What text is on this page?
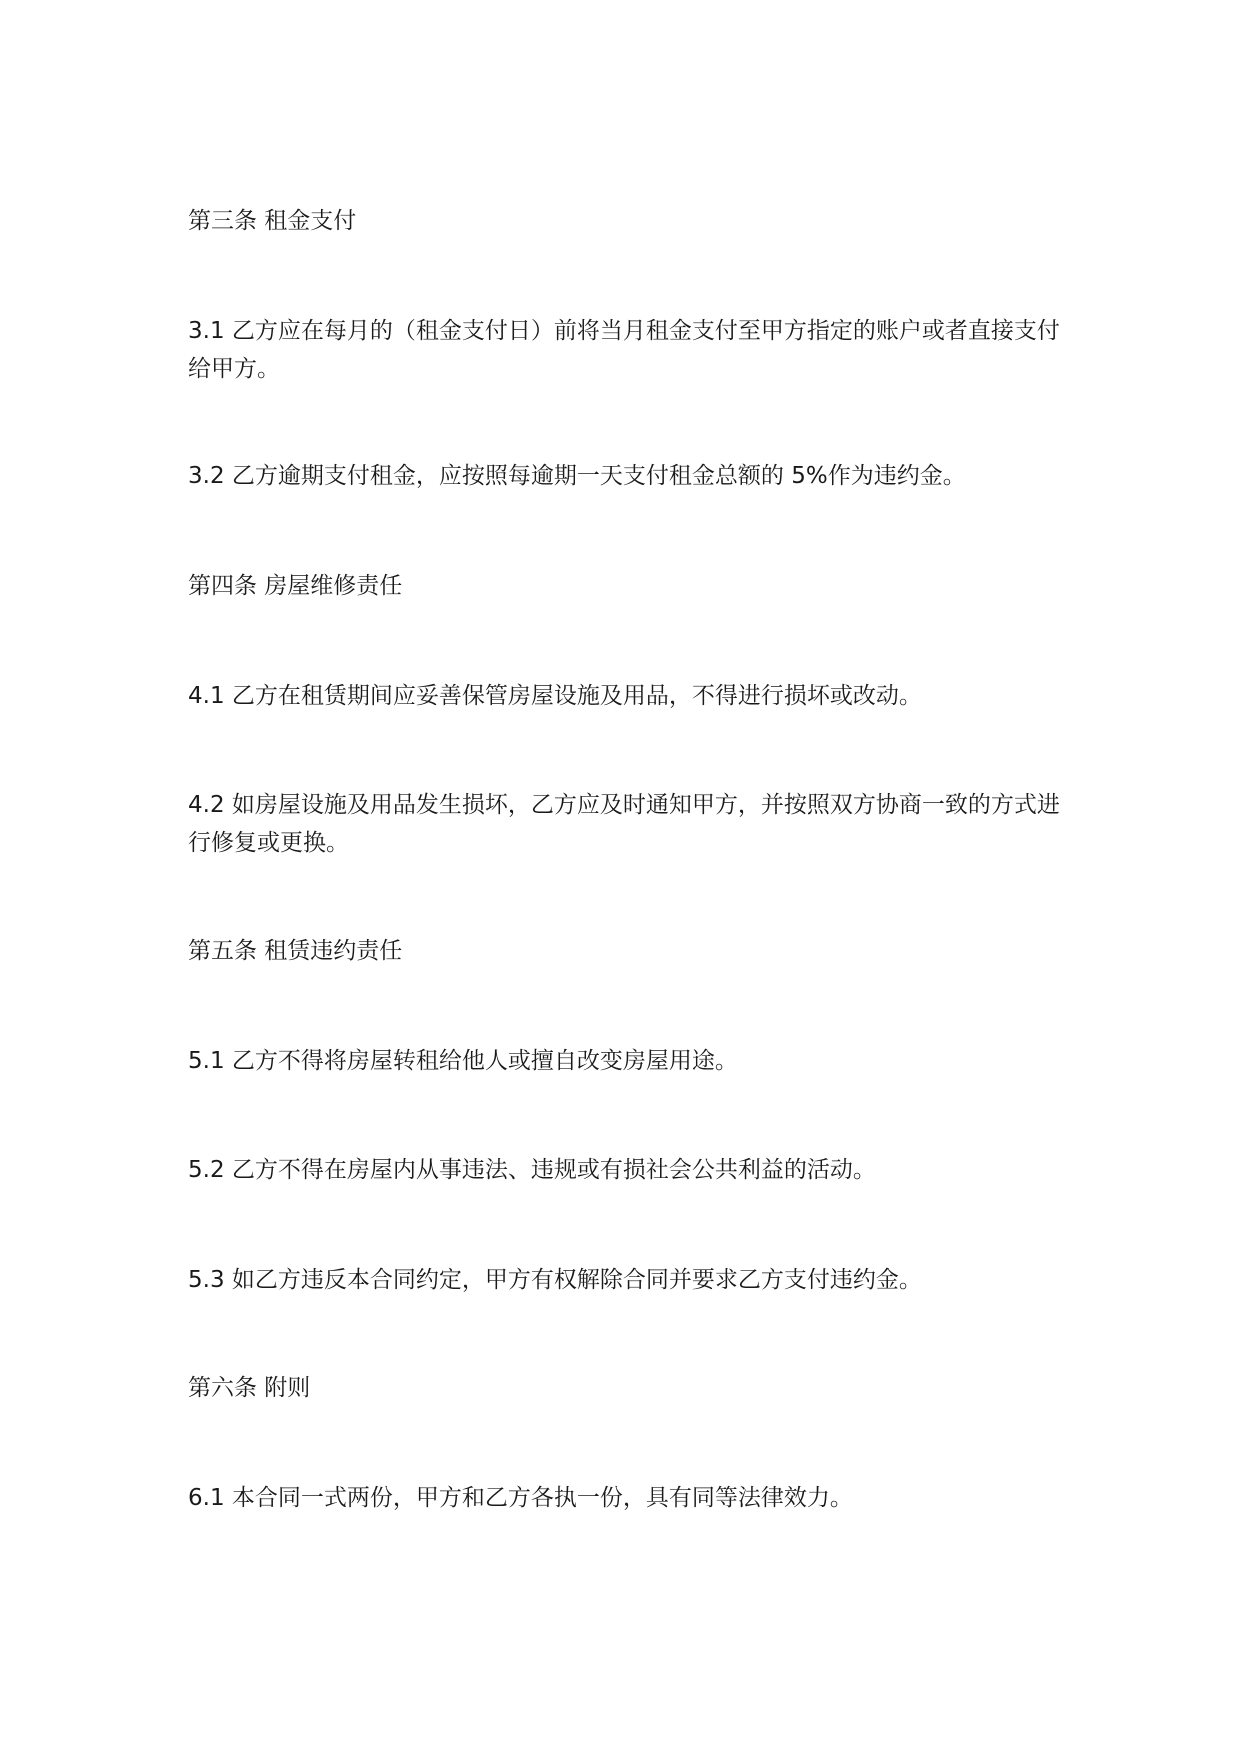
第三条 租金支付

3.1 乙方应在每月的（租金支付日）前将当月租金支付至甲方指定的账户或者直接支付给甲方。

3.2 乙方逾期支付租金，应按照每逾期一天支付租金总额的 5%作为违约金。

第四条 房屋维修责任

4.1 乙方在租赁期间应妥善保管房屋设施及用品，不得进行损坏或改动。

4.2 如房屋设施及用品发生损坏，乙方应及时通知甲方，并按照双方协商一致的方式进行修复或更换。

第五条 租赁违约责任

5.1 乙方不得将房屋转租给他人或擅自改变房屋用途。

5.2 乙方不得在房屋内从事违法、违规或有损社会公共利益的活动。

5.3 如乙方违反本合同约定，甲方有权解除合同并要求乙方支付违约金。

第六条 附则

6.1 本合同一式两份，甲方和乙方各执一份，具有同等法律效力。
